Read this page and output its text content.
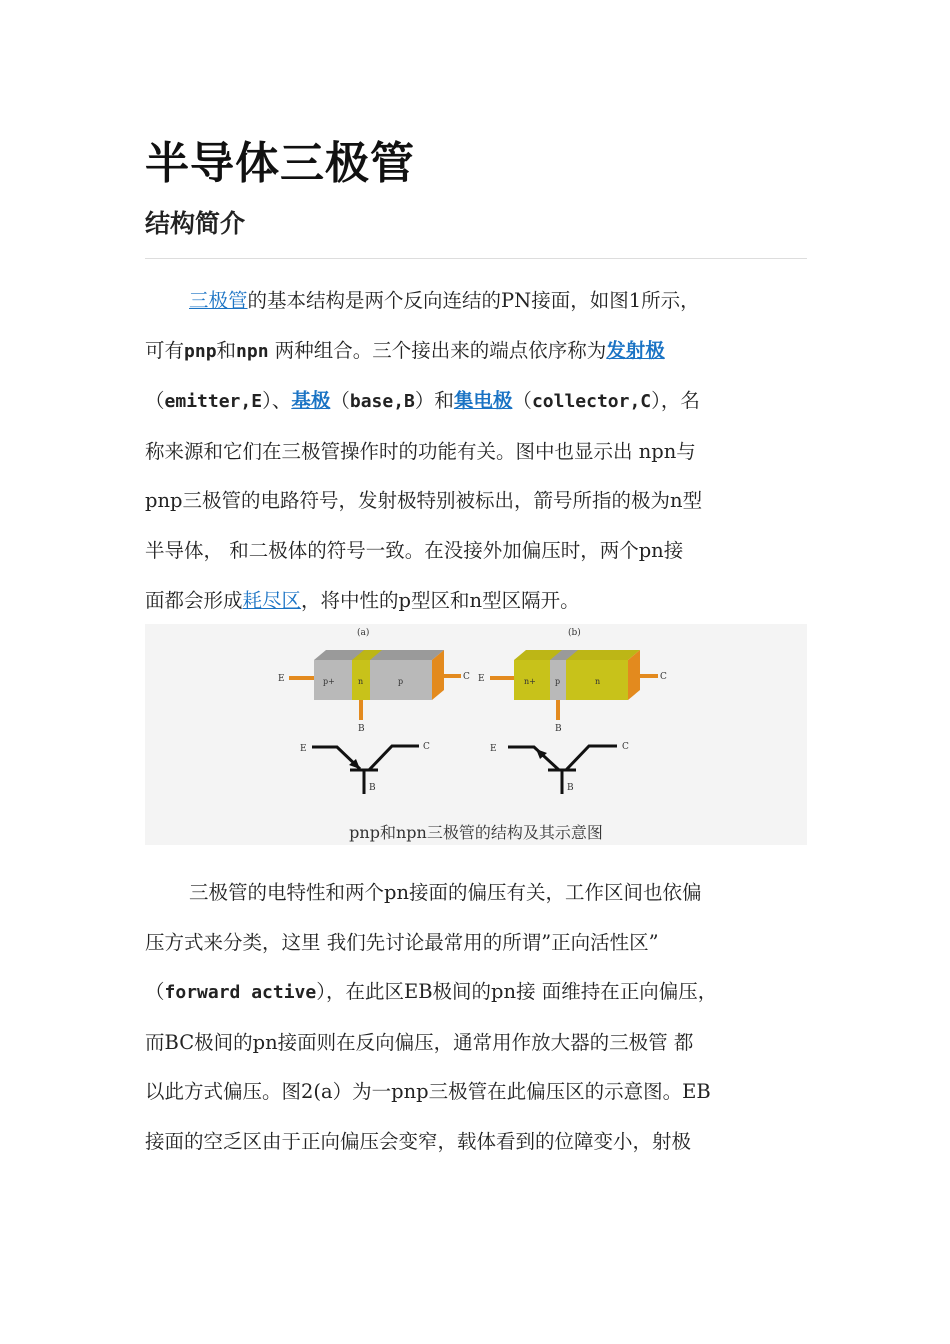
半导体三极管
结构简介
三极管的基本结构是两个反向连结的PN接面，如图1所示，
可有pnp和npn 两种组合。三个接出来的端点依序称为发射极
（emitter,E）、基极（base,B）和集电极（collector,C），名
称来源和它们在三极管操作时的功能有关。图中也显示出 npn与
pnp三极管的电路符号，发射极特别被标出，箭号所指的极为n型
半导体， 和二极体的符号一致。在没接外加偏压时，两个pn接
面都会形成耗尽区，将中性的p型区和n型区隔开。
(a)
E	p+	n	p	C
B
E	C
B
(b)
E	n+ p	n	C
B
E	C
B
pnp和npn三极管的结构及其示意图
三极管的电特性和两个pn接面的偏压有关，工作区间也依偏
压方式来分类，这里 我们先讨论最常用的所谓”正向活性区”
（forward active），在此区EB极间的pn接 面维持在正向偏压，
而BC极间的pn接面则在反向偏压，通常用作放大器的三极管 都
以此方式偏压。图2(a）为一pnp三极管在此偏压区的示意图。EB
接面的空乏区由于正向偏压会变窄，载体看到的位障变小，射极
